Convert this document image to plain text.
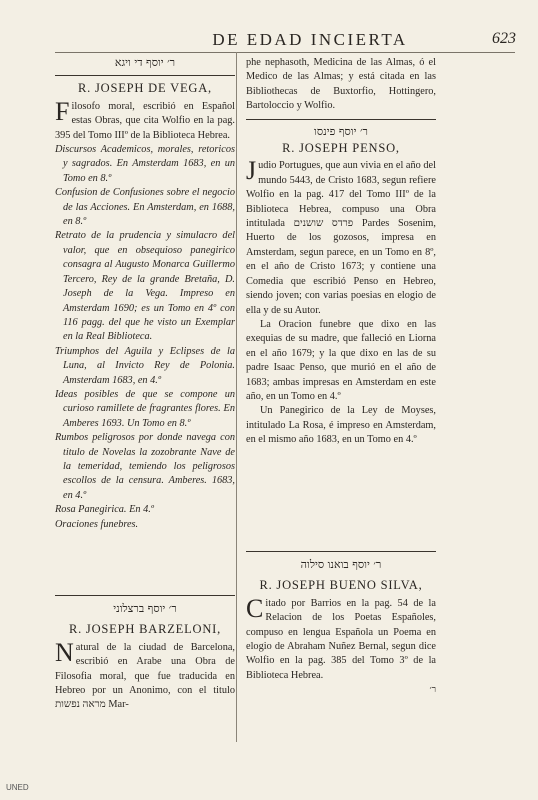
DE EDAD INCIERTA	623
ר׳ יוסף די ויגא
R. JOSEPH DE VEGA,

Filosofo moral, escribió en Español estas Obras, que cita Wolfio en la pag. 395 del Tomo IIIº de la Biblioteca Hebrea.

Discursos Academicos, morales, retoricos y sagrados. En Amsterdam 1683, en un Tomo en 8.º

Confusion de Confusiones sobre el negocio de las Acciones. En Amsterdam, en 1688, en 8.º

Retrato de la prudencia y simulacro del valor, que en obsequioso panegirico consagra al Augusto Monarca Guillermo Tercero, Rey de la grande Bretaña, D. Joseph de la Vega. Impreso en Amsterdam 1690; es un Tomo en 4º con 116 pagg. del que he visto un Exemplar en la Real Biblioteca.

Triumphos del Aguila y Eclipses de la Luna, al Invicto Rey de Polonia. Amsterdam 1683, en 4.º

Ideas posibles de que se compone un curioso ramillete de fragrantes flores. En Amberes 1693. Un Tomo en 8.º

Rumbos peligrosos por donde navega con titulo de Novelas la zozobrante Nave de la temeridad, temiendo los peligrosos escollos de la censura. Amberes. 1683, en 4.º

Rosa Panegirica. En 4.º

Oraciones funebres.

ר׳ יוסף ברצלוני
R. JOSEPH BARZELONI,

Natural de la ciudad de Barcelona, escribió en Arabe una Obra de Filosofia moral, que fue traducida en Hebreo por un Anonimo, con el titulo מראה נפשות Mar-

phe nephasoth, Medicina de las Almas, ó el Medico de las Almas; y está citada en las Bibliothecas de Buxtorfio, Hottingero, Bartoloccio y Wolfio.

ר׳ יוסף פינסו
R. JOSEPH PENSO,

Judio Portugues, que aun vivia en el año del mundo 5443, de Cristo 1683, segun refiere Wolfio en la pag. 417 del Tomo IIIº de la Biblioteca Hebrea, compuso una Obra intitulada פרדס שושנים Pardes Sosenim, Huerto de los gozosos, impresa en Amsterdam, segun parece, en un Tomo en 8º, en el año de Cristo 1673; y contiene una Comedia que escribió Penso en Hebreo, siendo joven; con varias poesias en elogio de ella y de su Autor.

La Oracion funebre que dixo en las exequias de su madre, que falleció en Liorna en el año 1679; y la que dixo en las de su padre Isaac Penso, que murió en el año de 1683; ambas impresas en Amsterdam en este año, en un Tomo en 4.º

Un Panegirico de la Ley de Moyses, intitulado La Rosa, é impreso en Amsterdam, en el mismo año 1683, en un Tomo en 4.º

ר׳ יוסף בואנו סילוה
R. JOSEPH BUENO SILVA,

Citado por Barrios en la pag. 54 de la Relacion de los Poetas Españoles, compuso en lengua Española un Poema en elogio de Abraham Nuñez Bernal, segun dice Wolfio en la pag. 385 del Tomo 3º de la Biblioteca Hebrea.

ר׳
UNED
